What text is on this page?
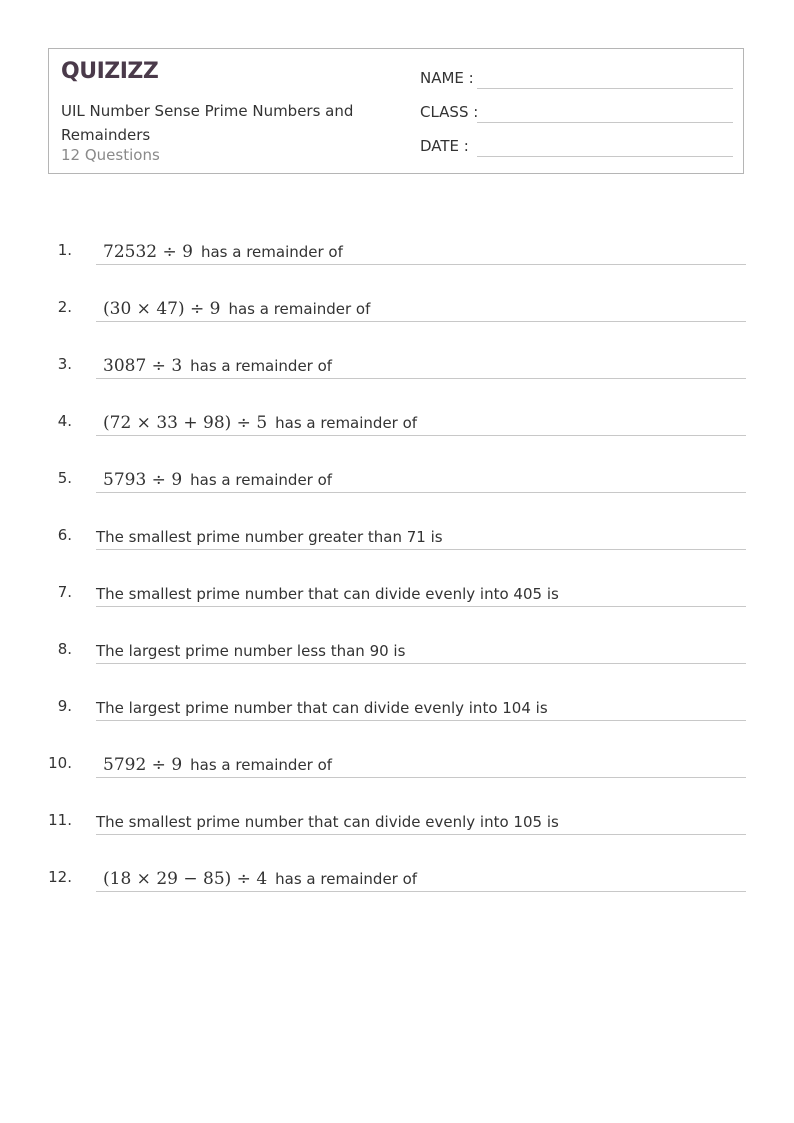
QUIZIZZ
UIL Number Sense Prime Numbers and Remainders
12 Questions
NAME :
CLASS :
DATE :
1.	72532 ÷ 9 has a remainder of
2.	(30 × 47) ÷ 9 has a remainder of
3.	3087 ÷ 3 has a remainder of
4.	(72 × 33 + 98) ÷ 5 has a remainder of
5.	5793 ÷ 9 has a remainder of
6. The smallest prime number greater than 71 is
7. The smallest prime number that can divide evenly into 405 is
8. The largest prime number less than 90 is
9. The largest prime number that can divide evenly into 104 is
10.	5792 ÷ 9 has a remainder of
11. The smallest prime number that can divide evenly into 105 is
12.	(18 × 29 − 85) ÷ 4 has a remainder of
